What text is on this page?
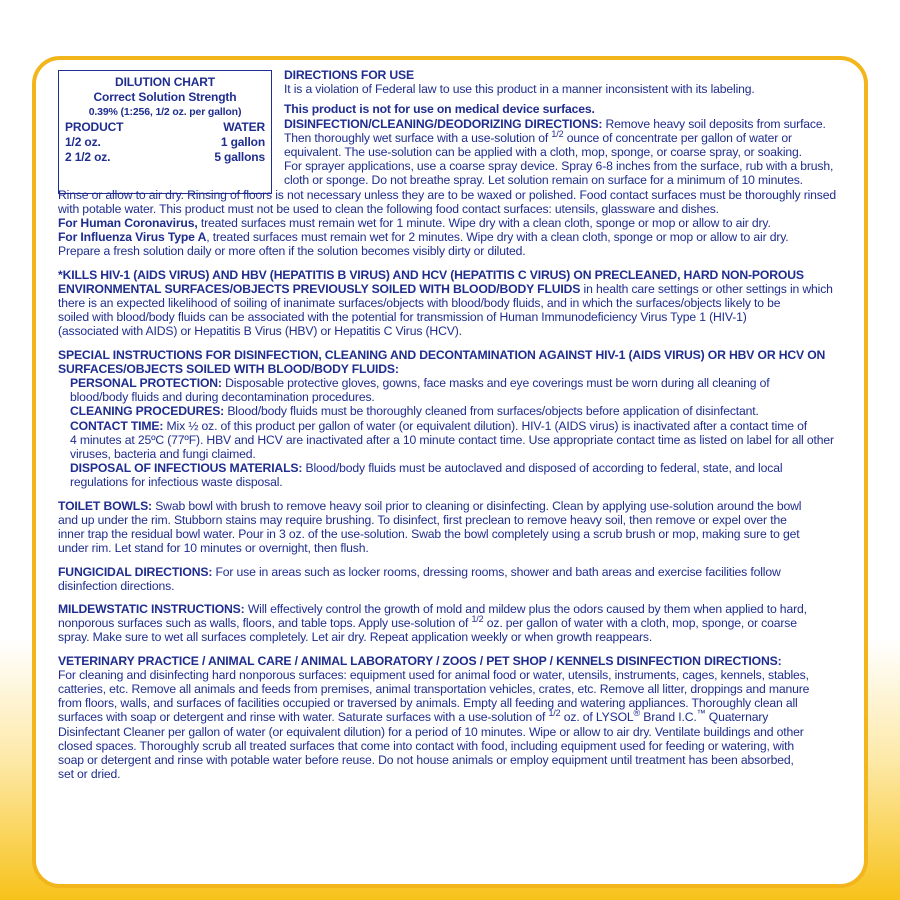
DILUTION CHART
Correct Solution Strength
0.39% (1:256, 1/2 oz. per gallon)
PRODUCT	WATER
1/2 oz.	1 gallon
2 1/2 oz.	5 gallons
DIRECTIONS FOR USE
It is a violation of Federal law to use this product in a manner inconsistent with its labeling.
This product is not for use on medical device surfaces.
DISINFECTION/CLEANING/DEODORIZING DIRECTIONS: Remove heavy soil deposits from surface.
Then thoroughly wet surface with a use-solution of $^{1/2}$ ounce of concentrate per gallon of water or
equivalent. The use-solution can be applied with a cloth, mop, sponge, or coarse spray, or soaking.
For sprayer applications, use a coarse spray device. Spray 6-8 inches from the surface, rub with a brush,
cloth or sponge. Do not breathe spray. Let solution remain on surface for a minimum of 10 minutes.
Rinse or allow to air dry. Rinsing of floors is not necessary unless they are to be waxed or polished. Food contact surfaces must be thoroughly rinsed
with potable water. This product must not be used to clean the following food contact surfaces: utensils, glassware and dishes.
For Human Coronavirus, treated surfaces must remain wet for 1 minute. Wipe dry with a clean cloth, sponge or mop or allow to air dry.
For Influenza Virus Type A, treated surfaces must remain wet for 2 minutes. Wipe dry with a clean cloth, sponge or mop or allow to air dry.
Prepare a fresh solution daily or more often if the solution becomes visibly dirty or diluted.
*KILLS HIV-1 (AIDS VIRUS) AND HBV (HEPATITIS B VIRUS) AND HCV (HEPATITIS C VIRUS) ON PRECLEANED, HARD NON-POROUS
ENVIRONMENTAL SURFACES/OBJECTS PREVIOUSLY SOILED WITH BLOOD/BODY FLUIDS in health care settings or other settings in which
there is an expected likelihood of soiling of inanimate surfaces/objects with blood/body fluids, and in which the surfaces/objects likely to be
soiled with blood/body fluids can be associated with the potential for transmission of Human Immunodeficiency Virus Type 1 (HIV-1)
(associated with AIDS) or Hepatitis B Virus (HBV) or Hepatitis C Virus (HCV).
SPECIAL INSTRUCTIONS FOR DISINFECTION, CLEANING AND DECONTAMINATION AGAINST HIV-1 (AIDS VIRUS) OR HBV OR HCV ON
SURFACES/OBJECTS SOILED WITH BLOOD/BODY FLUIDS:
PERSONAL PROTECTION: Disposable protective gloves, gowns, face masks and eye coverings must be worn during all cleaning of
blood/body fluids and during decontamination procedures.
CLEANING PROCEDURES: Blood/body fluids must be thoroughly cleaned from surfaces/objects before application of disinfectant.
CONTACT TIME: Mix ½ oz. of this product per gallon of water (or equivalent dilution). HIV-1 (AIDS virus) is inactivated after a contact time of
4 minutes at 25ºC (77ºF). HBV and HCV are inactivated after a 10 minute contact time. Use appropriate contact time as listed on label for all other
viruses, bacteria and fungi claimed.
DISPOSAL OF INFECTIOUS MATERIALS: Blood/body fluids must be autoclaved and disposed of according to federal, state, and local
regulations for infectious waste disposal.
TOILET BOWLS: Swab bowl with brush to remove heavy soil prior to cleaning or disinfecting. Clean by applying use-solution around the bowl
and up under the rim. Stubborn stains may require brushing. To disinfect, first preclean to remove heavy soil, then remove or expel over the
inner trap the residual bowl water. Pour in 3 oz. of the use-solution. Swab the bowl completely using a scrub brush or mop, making sure to get
under rim. Let stand for 10 minutes or overnight, then flush.
FUNGICIDAL DIRECTIONS: For use in areas such as locker rooms, dressing rooms, shower and bath areas and exercise facilities follow
disinfection directions.
MILDEWSTATIC INSTRUCTIONS: Will effectively control the growth of mold and mildew plus the odors caused by them when applied to hard,
nonporous surfaces such as walls, floors, and table tops. Apply use-solution of $^{1/2}$ oz. per gallon of water with a cloth, mop, sponge, or coarse
spray. Make sure to wet all surfaces completely. Let air dry. Repeat application weekly or when growth reappears.
VETERINARY PRACTICE / ANIMAL CARE / ANIMAL LABORATORY / ZOOS / PET SHOP / KENNELS DISINFECTION DIRECTIONS:
For cleaning and disinfecting hard nonporous surfaces: equipment used for animal food or water, utensils, instruments, cages, kennels, stables,
catteries, etc. Remove all animals and feeds from premises, animal transportation vehicles, crates, etc. Remove all litter, droppings and manure
from floors, walls, and surfaces of facilities occupied or traversed by animals. Empty all feeding and watering appliances. Thoroughly clean all
surfaces with soap or detergent and rinse with water. Saturate surfaces with a use-solution of $^{1/2}$ oz. of LYSOL® Brand I.C.™ Quaternary
Disinfectant Cleaner per gallon of water (or equivalent dilution) for a period of 10 minutes. Wipe or allow to air dry. Ventilate buildings and other
closed spaces. Thoroughly scrub all treated surfaces that come into contact with food, including equipment used for feeding or watering, with
soap or detergent and rinse with potable water before reuse. Do not house animals or employ equipment until treatment has been absorbed,
set or dried.
